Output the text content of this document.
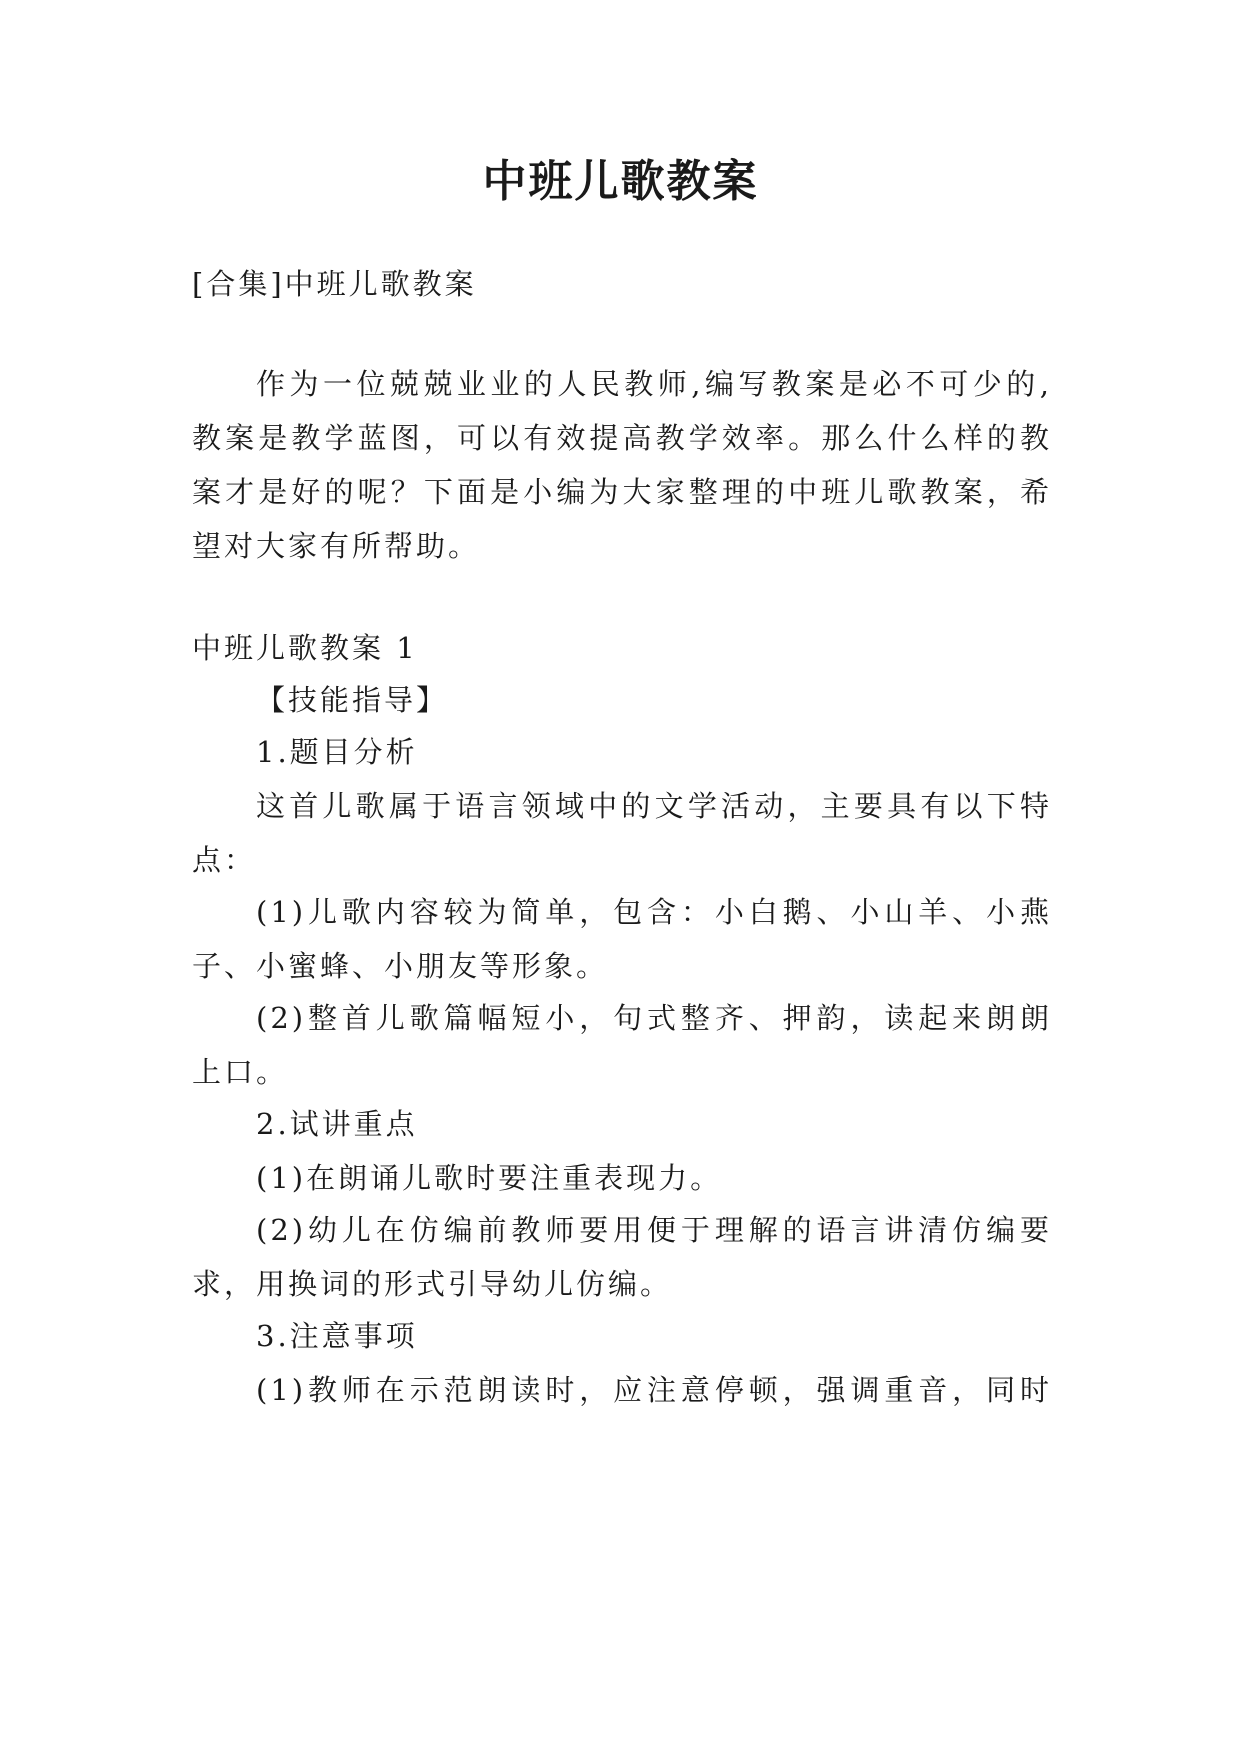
中班儿歌教案

[合集]中班儿歌教案

作为一位兢兢业业的人民教师,编写教案是必不可少的,

教案是教学蓝图，可以有效提高教学效率。那么什么样的教

案才是好的呢？下面是小编为大家整理的中班儿歌教案，希

望对大家有所帮助。

中班儿歌教案 1

【技能指导】

1.题目分析

这首儿歌属于语言领域中的文学活动，主要具有以下特

点：

(1)儿歌内容较为简单，包含：小白鹅、小山羊、小燕

子、小蜜蜂、小朋友等形象。

(2)整首儿歌篇幅短小，句式整齐、押韵，读起来朗朗

上口。

2.试讲重点

(1)在朗诵儿歌时要注重表现力。

(2)幼儿在仿编前教师要用便于理解的语言讲清仿编要

求，用换词的形式引导幼儿仿编。

3.注意事项

(1)教师在示范朗读时，应注意停顿，强调重音，同时
